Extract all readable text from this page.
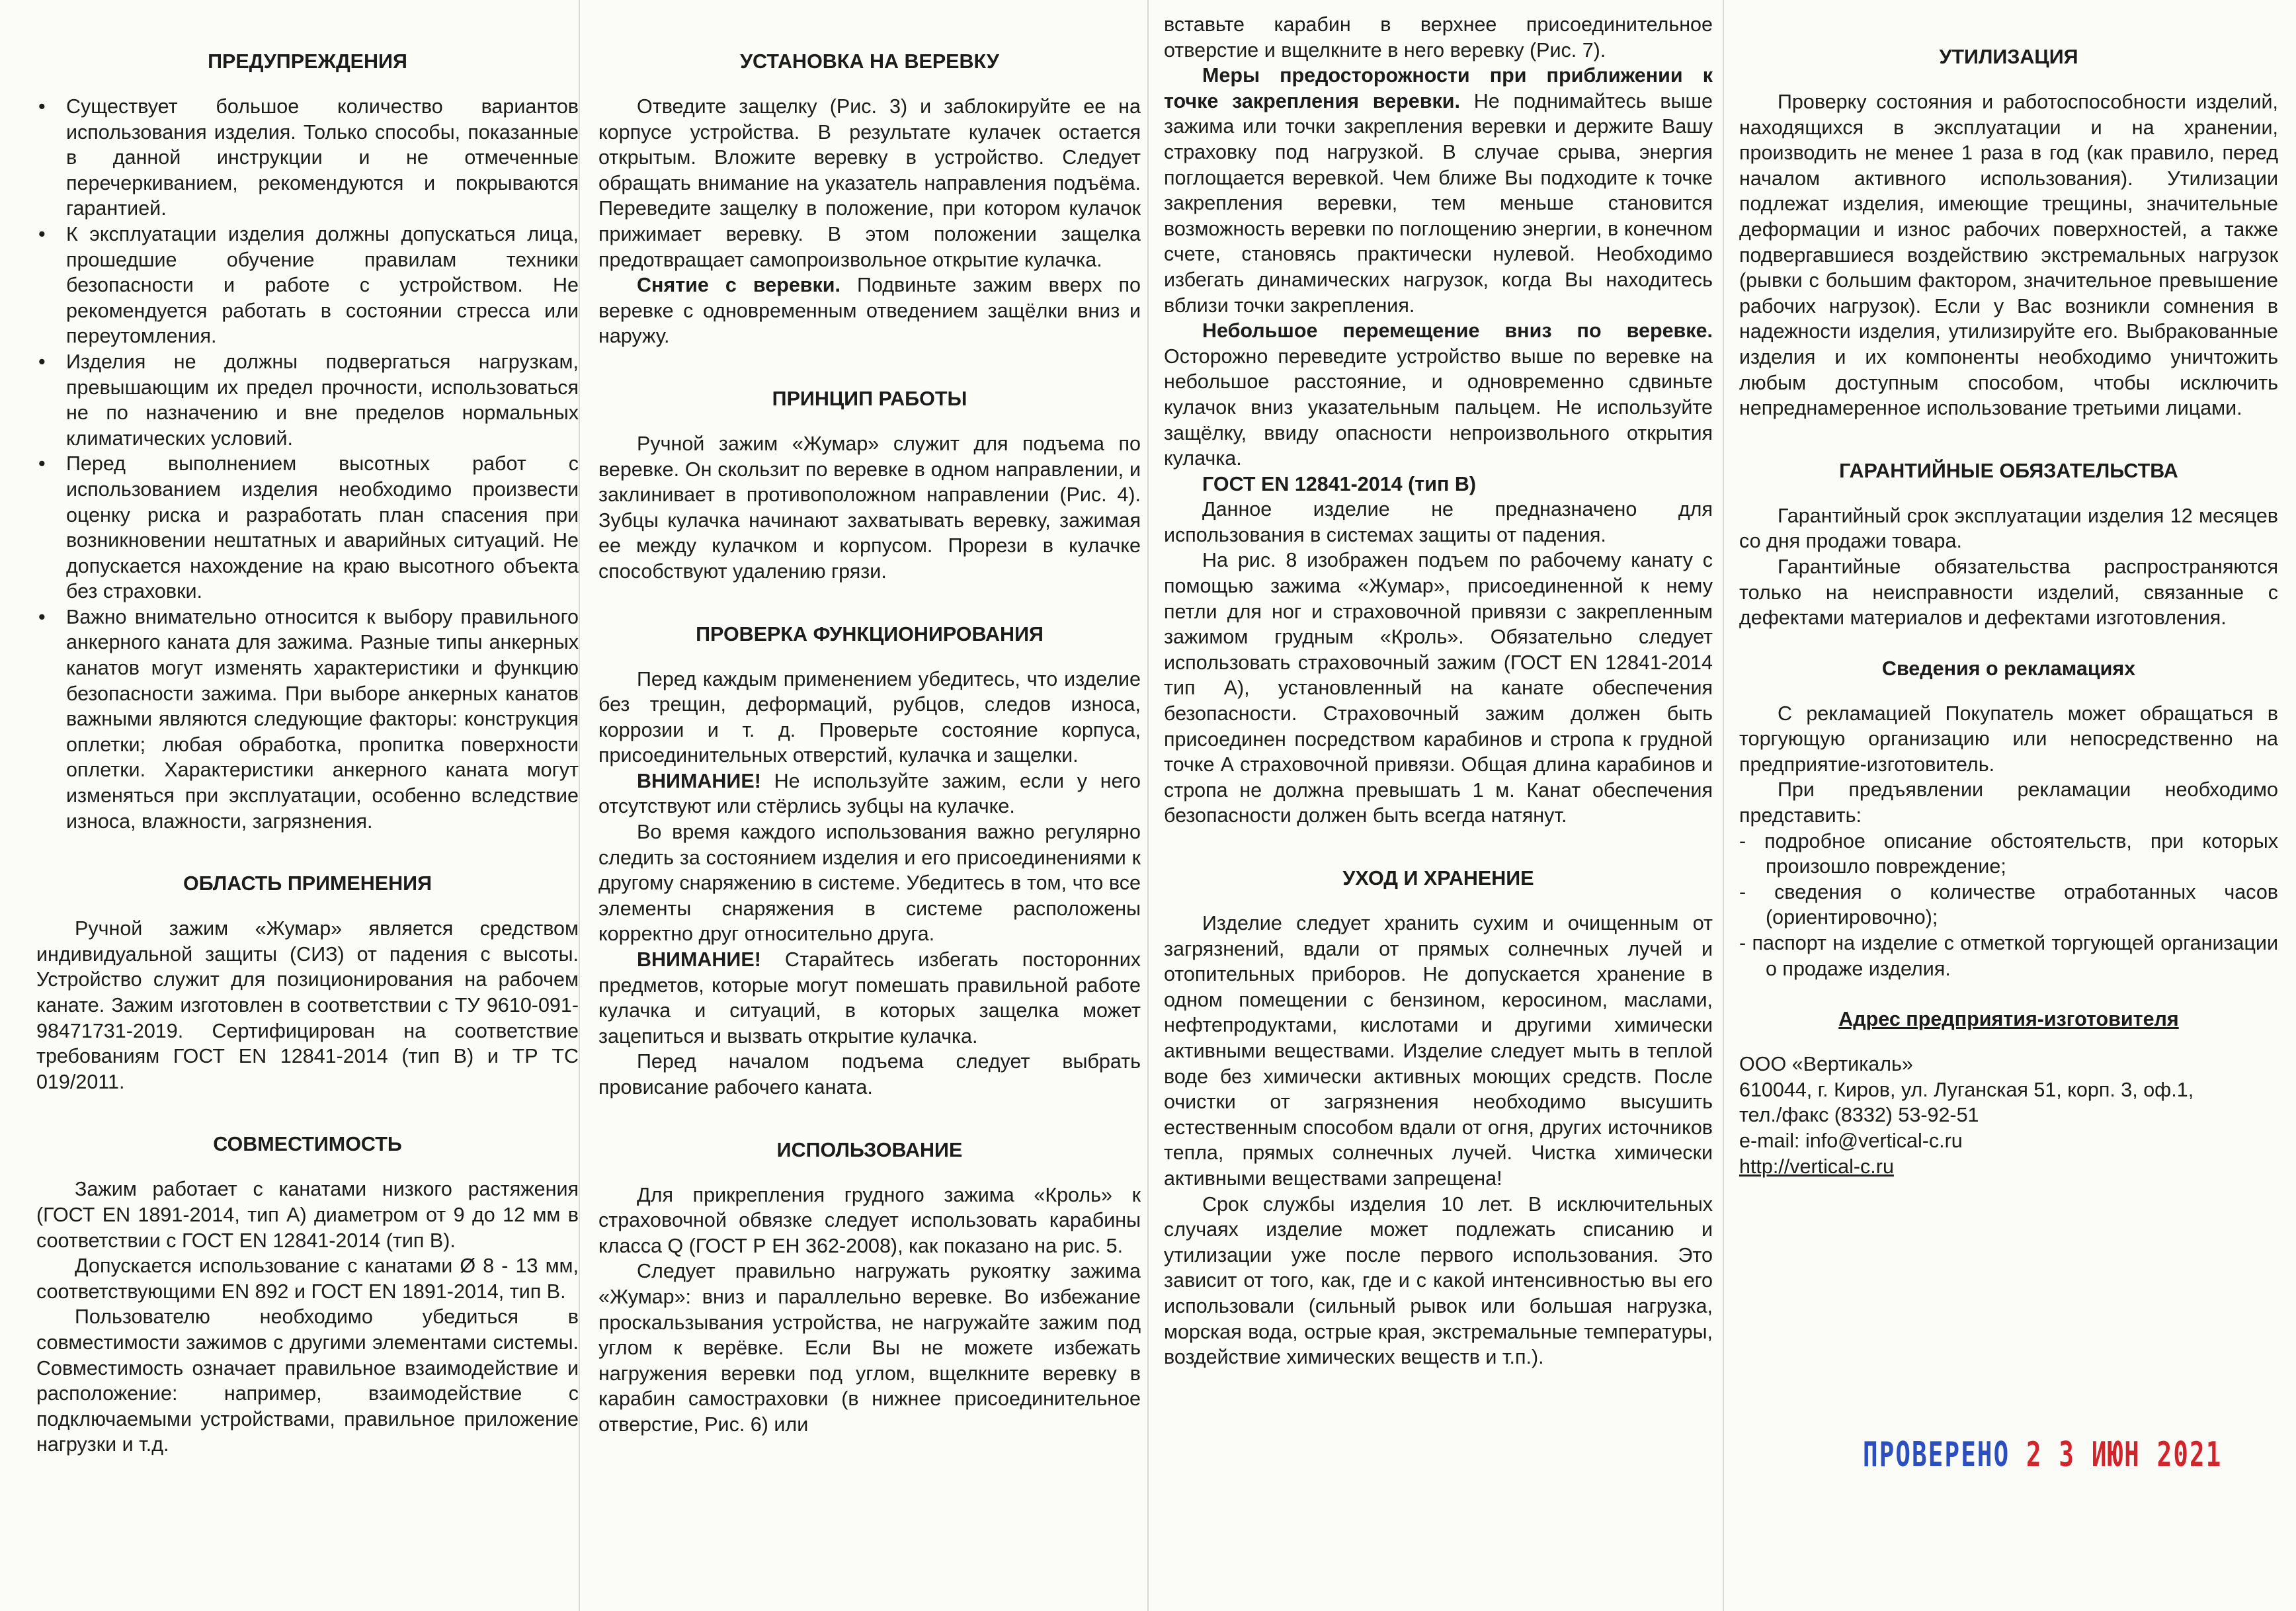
ПРЕДУПРЕЖДЕНИЯ
• Существует большое количество вариантов использования изделия. Только способы, показанные в данной инструкции и не отмеченные перечеркиванием, рекомендуются и покрываются гарантией.
• К эксплуатации изделия должны допускаться лица, прошедшие обучение правилам техники безопасности и работе с устройством. Не рекомендуется работать в состоянии стресса или переутомления.
• Изделия не должны подвергаться нагрузкам, превышающим их предел прочности, использоваться не по назначению и вне пределов нормальных климатических условий.
• Перед выполнением высотных работ с использованием изделия необходимо произвести оценку риска и разработать план спасения при возникновении нештатных и аварийных ситуаций. Не допускается нахождение на краю высотного объекта без страховки.
• Важно внимательно относится к выбору правильного анкерного каната для зажима. Разные типы анкерных канатов могут изменять характеристики и функцию безопасности зажима. При выборе анкерных канатов важными являются следующие факторы: конструкция оплетки; любая обработка, пропитка поверхности оплетки. Характеристики анкерного каната могут изменяться при эксплуатации, особенно вследствие износа, влажности, загрязнения.
ОБЛАСТЬ ПРИМЕНЕНИЯ

Ручной зажим «Жумар» является средством индивидуальной защиты (СИЗ) от падения с высоты. Устройство служит для позиционирования на рабочем канате. Зажим изготовлен в соответствии с ТУ 9610-091-98471731-2019. Сертифицирован на соответствие требованиям ГОСТ EN 12841-2014 (тип В) и ТР ТС 019/2011.

СОВМЕСТИМОСТЬ

Зажим работает с канатами низкого растяжения (ГОСТ EN 1891-2014, тип А) диаметром от 9 до 12 мм в соответствии с ГОСТ EN 12841-2014 (тип В).

Допускается использование с канатами Ø 8 - 13 мм, соответствующими EN 892 и ГОСТ EN 1891-2014, тип В.

Пользователю необходимо убедиться в совместимости зажимов с другими элементами системы. Совместимость означает правильное взаимодействие и расположение: например, взаимодействие с подключаемыми устройствами, правильное приложение нагрузки и т.д.

УСТАНОВКА НА ВЕРЕВКУ

Отведите защелку (Рис. 3) и заблокируйте ее на корпусе устройства. В результате кулачек остается открытым. Вложите веревку в устройство. Следует обращать внимание на указатель направления подъёма. Переведите защелку в положение, при котором кулачок прижимает веревку. В этом положении защелка предотвращает самопроизвольное открытие кулачка.

Снятие с веревки. Подвиньте зажим вверх по веревке с одновременным отведением защёлки вниз и наружу.

ПРИНЦИП РАБОТЫ

Ручной зажим «Жумар» служит для подъема по веревке. Он скользит по веревке в одном направлении, и заклинивает в противоположном направлении (Рис. 4). Зубцы кулачка начинают захватывать веревку, зажимая ее между кулачком и корпусом. Прорези в кулачке способствуют удалению грязи.

ПРОВЕРКА ФУНКЦИОНИРОВАНИЯ

Перед каждым применением убедитесь, что изделие без трещин, деформаций, рубцов, следов износа, коррозии и т. д. Проверьте состояние корпуса, присоединительных отверстий, кулачка и защелки.

ВНИМАНИЕ! Не используйте зажим, если у него отсутствуют или стёрлись зубцы на кулачке.

Во время каждого использования важно регулярно следить за состоянием изделия и его присоединениями к другому снаряжению в системе. Убедитесь в том, что все элементы снаряжения в системе расположены корректно друг относительно друга.

ВНИМАНИЕ! Старайтесь избегать посторонних предметов, которые могут помешать правильной работе кулачка и ситуаций, в которых защелка может зацепиться и вызвать открытие кулачка.

Перед началом подъема следует выбрать провисание рабочего каната.

ИСПОЛЬЗОВАНИЕ

Для прикрепления грудного зажима «Кроль» к страховочной обвязке следует использовать карабины класса Q (ГОСТ Р ЕН 362-2008), как показано на рис. 5.

Следует правильно нагружать рукоятку зажима «Жумар»: вниз и параллельно веревке. Во избежание проскальзывания устройства, не нагружайте зажим под углом к верёвке. Если Вы не можете избежать нагружения веревки под углом, вщелкните веревку в карабин самостраховки (в нижнее присоединительное отверстие, Рис. 6) или

вставьте карабин в верхнее присоединительное отверстие и вщелкните в него веревку (Рис. 7).

Меры предосторожности при приближении к точке закрепления веревки. Не поднимайтесь выше зажима или точки закрепления веревки и держите Вашу страховку под нагрузкой. В случае срыва, энергия поглощается веревкой. Чем ближе Вы подходите к точке закрепления веревки, тем меньше становится возможность веревки по поглощению энергии, в конечном счете, становясь практически нулевой. Необходимо избегать динамических нагрузок, когда Вы находитесь вблизи точки закрепления.

Небольшое перемещение вниз по веревке. Осторожно переведите устройство выше по веревке на небольшое расстояние, и одновременно сдвиньте кулачок вниз указательным пальцем. Не используйте защёлку, ввиду опасности непроизвольного открытия кулачка.

ГОСТ EN 12841-2014 (тип В)

Данное изделие не предназначено для использования в системах защиты от падения.

На рис. 8 изображен подъем по рабочему канату с помощью зажима «Жумар», присоединенной к нему петли для ног и страховочной привязи с закрепленным зажимом грудным «Кроль». Обязательно следует использовать страховочный зажим (ГОСТ EN 12841-2014 тип А), установленный на канате обеспечения безопасности. Страховочный зажим должен быть присоединен посредством карабинов и стропа к грудной точке А страховочной привязи. Общая длина карабинов и стропа не должна превышать 1 м. Канат обеспечения безопасности должен быть всегда натянут.

УХОД И ХРАНЕНИЕ

Изделие следует хранить сухим и очищенным от загрязнений, вдали от прямых солнечных лучей и отопительных приборов. Не допускается хранение в одном помещении с бензином, керосином, маслами, нефтепродуктами, кислотами и другими химически активными веществами. Изделие следует мыть в теплой воде без химически активных моющих средств. После очистки от загрязнения необходимо высушить естественным способом вдали от огня, других источников тепла, прямых солнечных лучей. Чистка химически активными веществами запрещена!

Срок службы изделия 10 лет. В исключительных случаях изделие может подлежать списанию и утилизации уже после первого использования. Это зависит от того, как, где и с какой интенсивностью вы его использовали (сильный рывок или большая нагрузка, морская вода, острые края, экстремальные температуры, воздействие химических веществ и т.п.).

УТИЛИЗАЦИЯ

Проверку состояния и работоспособности изделий, находящихся в эксплуатации и на хранении, производить не менее 1 раза в год (как правило, перед началом активного использования). Утилизации подлежат изделия, имеющие трещины, значительные деформации и износ рабочих поверхностей, а также подвергавшиеся воздействию экстремальных нагрузок (рывки с большим фактором, значительное превышение рабочих нагрузок). Если у Вас возникли сомнения в надежности изделия, утилизируйте его. Выбракованные изделия и их компоненты необходимо уничтожить любым доступным способом, чтобы исключить непреднамеренное использование третьими лицами.

ГАРАНТИЙНЫЕ ОБЯЗАТЕЛЬСТВА

Гарантийный срок эксплуатации изделия 12 месяцев со дня продажи товара.

Гарантийные обязательства распространяются только на неисправности изделий, связанные с дефектами материалов и дефектами изготовления.

Сведения о рекламациях

С рекламацией Покупатель может обращаться в торгующую организацию или непосредственно на предприятие-изготовитель.

При предъявлении рекламации необходимо представить:

- подробное описание обстоятельств, при которых произошло повреждение;

- сведения о количестве отработанных часов (ориентировочно);

- паспорт на изделие с отметкой торгующей организации о продаже изделия.

Адрес предприятия-изготовителя

ООО «Вертикаль»

610044, г. Киров, ул. Луганская 51, корп. 3, оф.1,

тел./факс (8332) 53-92-51

e-mail: info@vertical-c.ru

http://vertical-c.ru

ПРОВЕРЕНО 2 3 ИЮН 2021
